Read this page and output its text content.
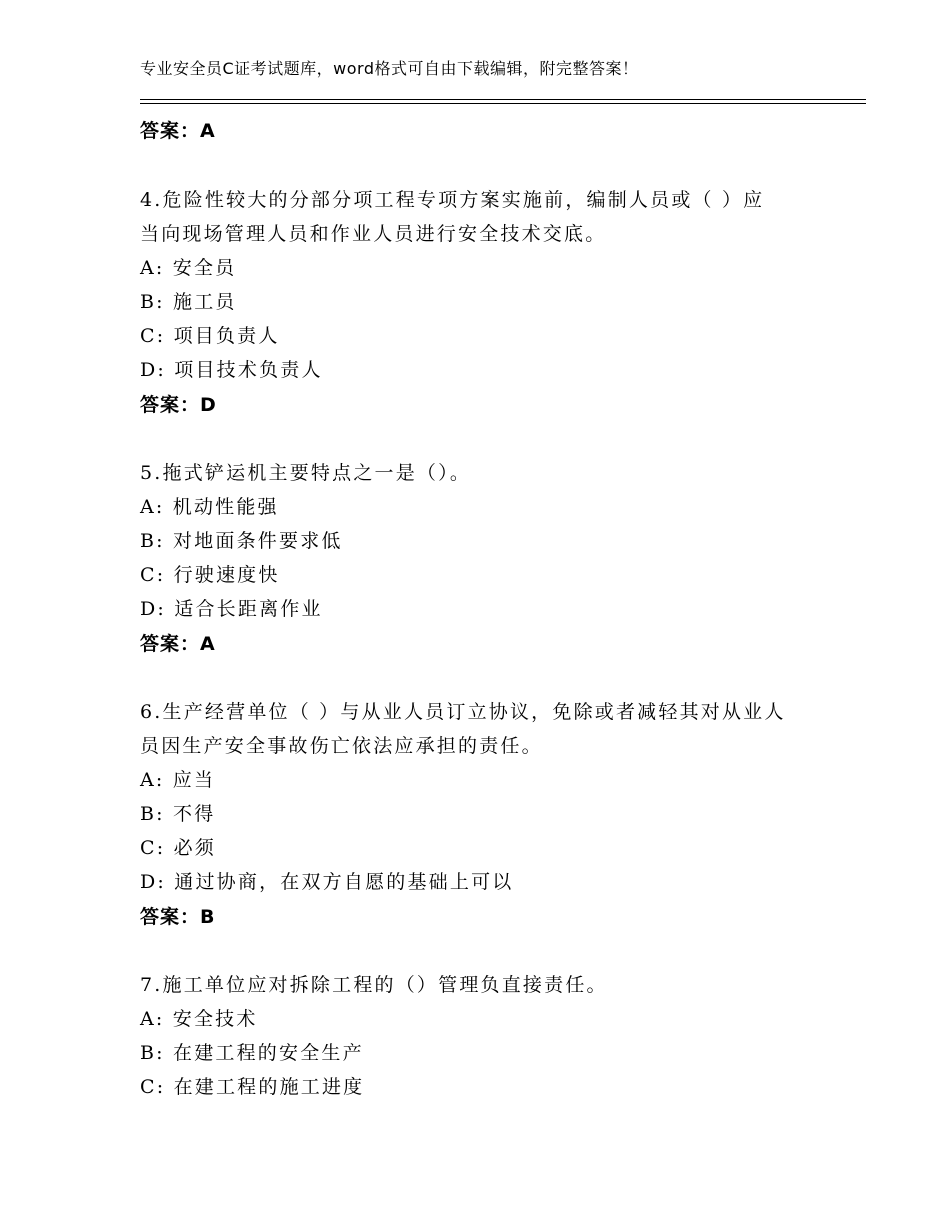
专业安全员C证考试题库，word格式可自由下载编辑，附完整答案！
答案：A
4.危险性较大的分部分项工程专项方案实施前，编制人员或（ ）应
当向现场管理人员和作业人员进行安全技术交底。
A: 安全员
B: 施工员
C: 项目负责人
D: 项目技术负责人
答案：D
5.拖式铲运机主要特点之一是（）。
A: 机动性能强
B: 对地面条件要求低
C: 行驶速度快
D: 适合长距离作业
答案：A
6.生产经营单位（ ）与从业人员订立协议，免除或者减轻其对从业人
员因生产安全事故伤亡依法应承担的责任。
A: 应当
B: 不得
C: 必须
D: 通过协商，在双方自愿的基础上可以
答案：B
7.施工单位应对拆除工程的（）管理负直接责任。
A: 安全技术
B: 在建工程的安全生产
C: 在建工程的施工进度
